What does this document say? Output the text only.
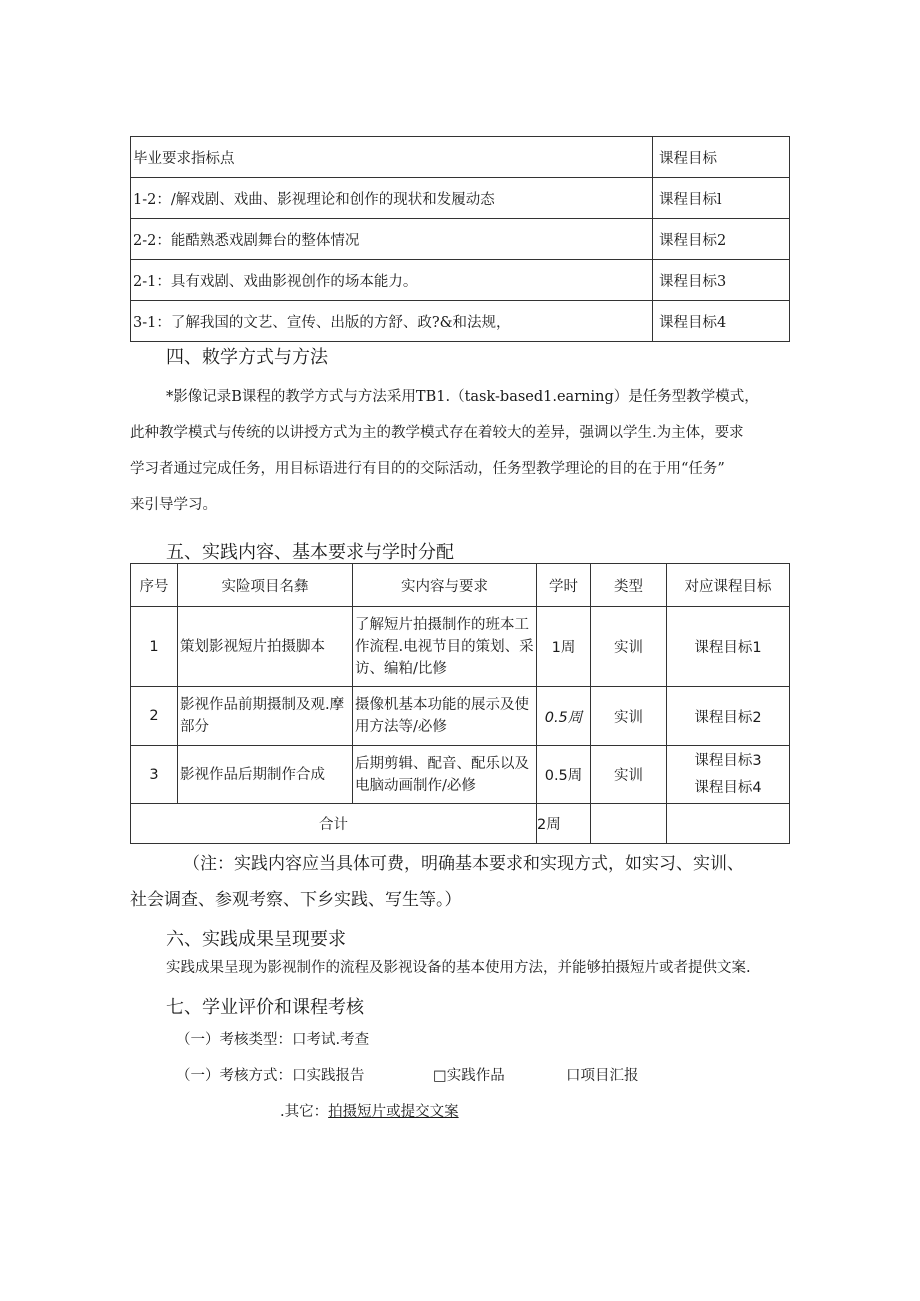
毕业要求指标点	课程目标
1-2：/解戏剧、戏曲、影视理论和创作的现状和发履动态	课程目标l
2-2：能酷熟悉戏剧舞台的整体情况	课程目标2
2-1：具有戏剧、戏曲影视创作的场本能力。	课程目标3
3-1：了解我国的文艺、宣传、出版的方舒、政?&和法规，	课程目标4
四、敕学方式与方法
*影像记录B课程的教学方式与方法采用TB1.（task-based1.earning）是任务型教学模式，
此种教学模式与传统的以讲授方式为主的教学模式存在着较大的差异，强调以学生.为主体，要求
学习者通过完成任务，用目标语进行有目的的交际活动，任务型教学理论的目的在于用“任务”
来引导学习。
五、实践内容、基本要求与学时分配
序号	实险项目名彝	实内容与要求	学时	类型	对应课程目标
1	策划影视短片拍摄脚本	了解短片拍摄制作的班本工作流程.电视节目的策划、采访、编粕/比修	1周	实训	课程目标1
2	影视作品前期摄制及观.摩部分	摄像机基本功能的展示及使用方法等/必修	0.5周	实训	课程目标2
3	影视作品后期制作合成	后期剪辑、配音、配乐以及电脑动画制作/必修	0.5周	实训	课程目标3
课程目标4

合计			2周		
（注：实践内容应当具体可费，明确基本要求和实现方式，如实习、实训、
社会调查、参观考察、下乡实践、写生等。）
六、实践成果呈现要求
实践成果呈现为影视制作的流程及影视设备的基本使用方法，并能够拍摄短片或者提供文案.
七、学业评价和课程考核
（一）考核类型：口考试.考查
（一）考核方式：口实践报告	□实践作品	口项目汇报
.其它：拍摄短片或提交文案
